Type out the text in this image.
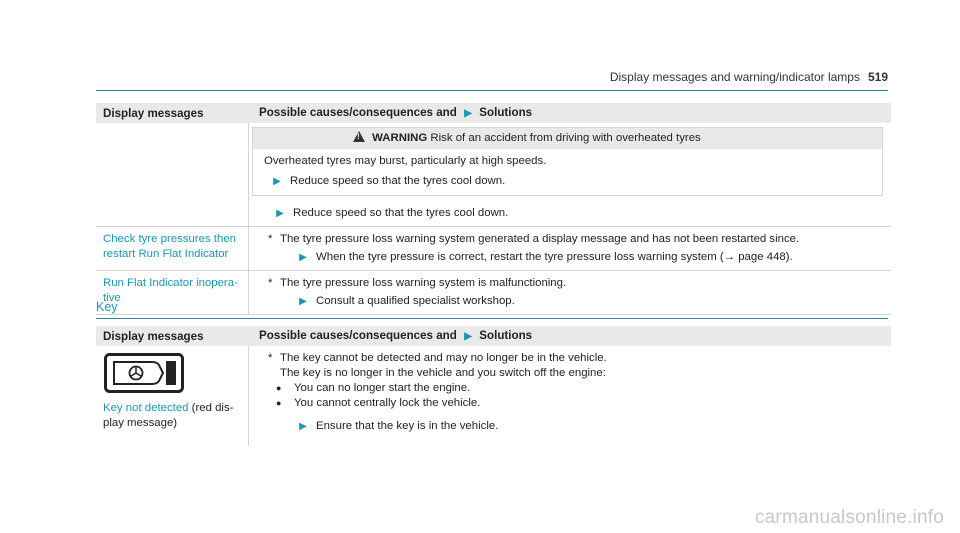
Display messages and warning/indicator lamps 519
Display messages	Possible causes/consequences and ▶ Solutions
! WARNING Risk of an accident from driving with overheated tyres
Overheated tyres may burst, particularly at high speeds.
▶ Reduce speed so that the tyres cool down.
▶ Reduce speed so that the tyres cool down.
Check tyre pressures then
restart Run Flat Indicator
* The tyre pressure loss warning system generated a display message and has not been restarted since.
▶ When the tyre pressure is correct, restart the tyre pressure loss warning system (→ page 448).
Run Flat Indicator inopera-
tive
* The tyre pressure loss warning system is malfunctioning.
▶ Consult a qualified specialist workshop.
Key
Display messages	Possible causes/consequences and ▶ Solutions
Key not detected (red dis-
play message)
* The key cannot be detected and may no longer be in the vehicle.
The key is no longer in the vehicle and you switch off the engine:
●	You can no longer start the engine.
●	You cannot centrally lock the vehicle.
▶ Ensure that the key is in the vehicle.
carmanualsonline.info
